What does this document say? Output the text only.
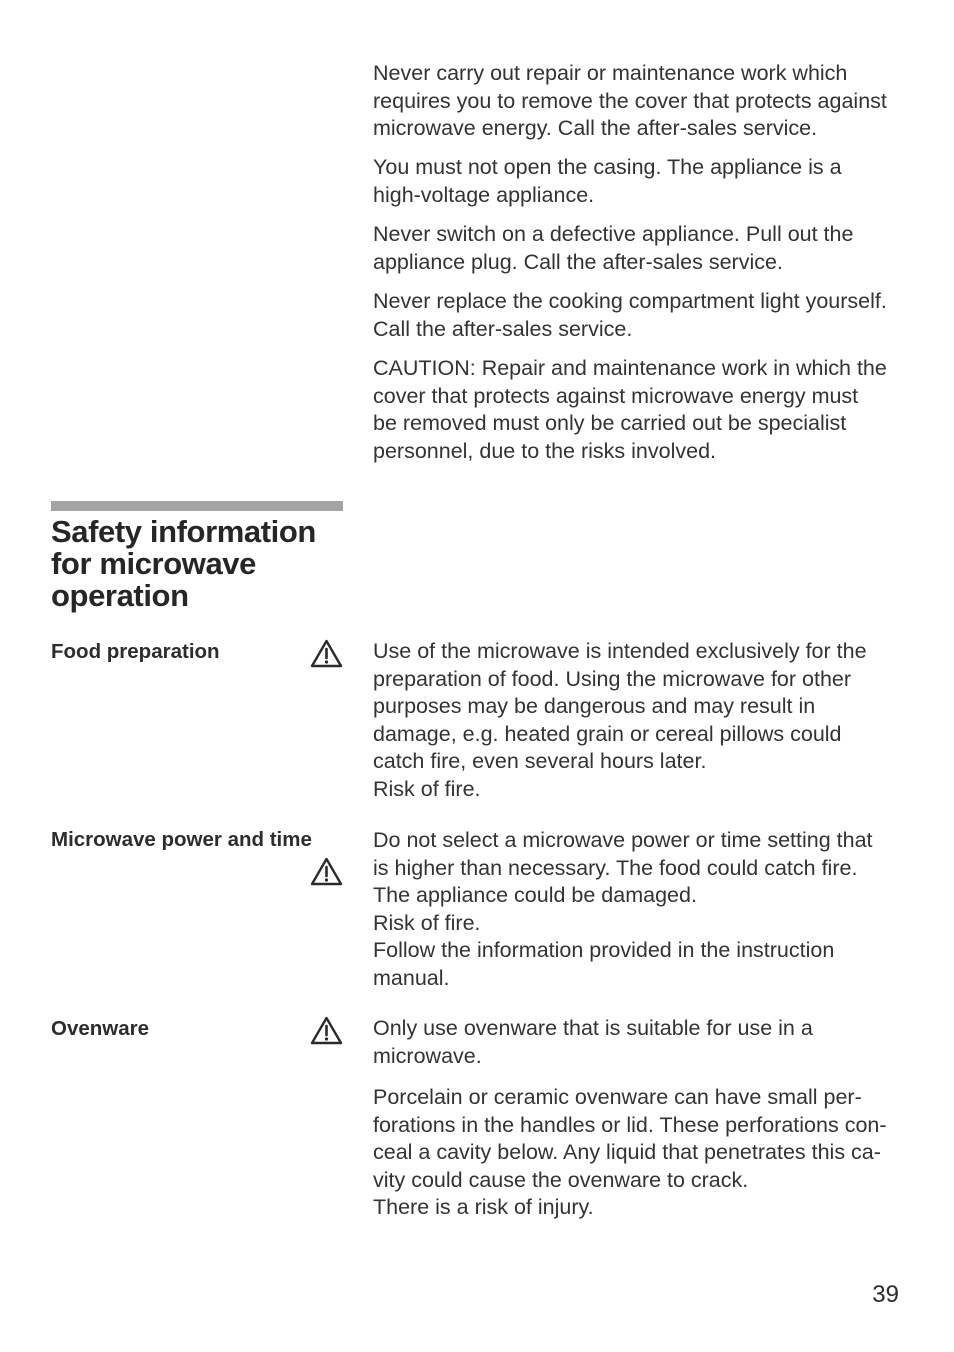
Never carry out repair or maintenance work which
requires you to remove the cover that protects against
microwave energy. Call the after-sales service.

You must not open the casing. The appliance is a
high-voltage appliance.

Never switch on a defective appliance. Pull out the
appliance plug. Call the after-sales service.

Never replace the cooking compartment light yourself.
Call the after-sales service.

CAUTION: Repair and maintenance work in which the
cover that protects against microwave energy must
be removed must only be carried out be specialist
personnel, due to the risks involved.

Safety information
for microwave
operation

Food preparation	Use of the microwave is intended exclusively for the
preparation of food. Using the microwave for other
purposes may be dangerous and may result in
damage, e.g. heated grain or cereal pillows could
catch fire, even several hours later.
Risk of fire.

Microwave power and time	Do not select a microwave power or time setting that
is higher than necessary. The food could catch fire.
The appliance could be damaged.
Risk of fire.
Follow the information provided in the instruction
manual.

Ovenware	Only use ovenware that is suitable for use in a
microwave.

Porcelain or ceramic ovenware can have small per-
forations in the handles or lid. These perforations con-
ceal a cavity below. Any liquid that penetrates this ca-
vity could cause the ovenware to crack.
There is a risk of injury.

39
